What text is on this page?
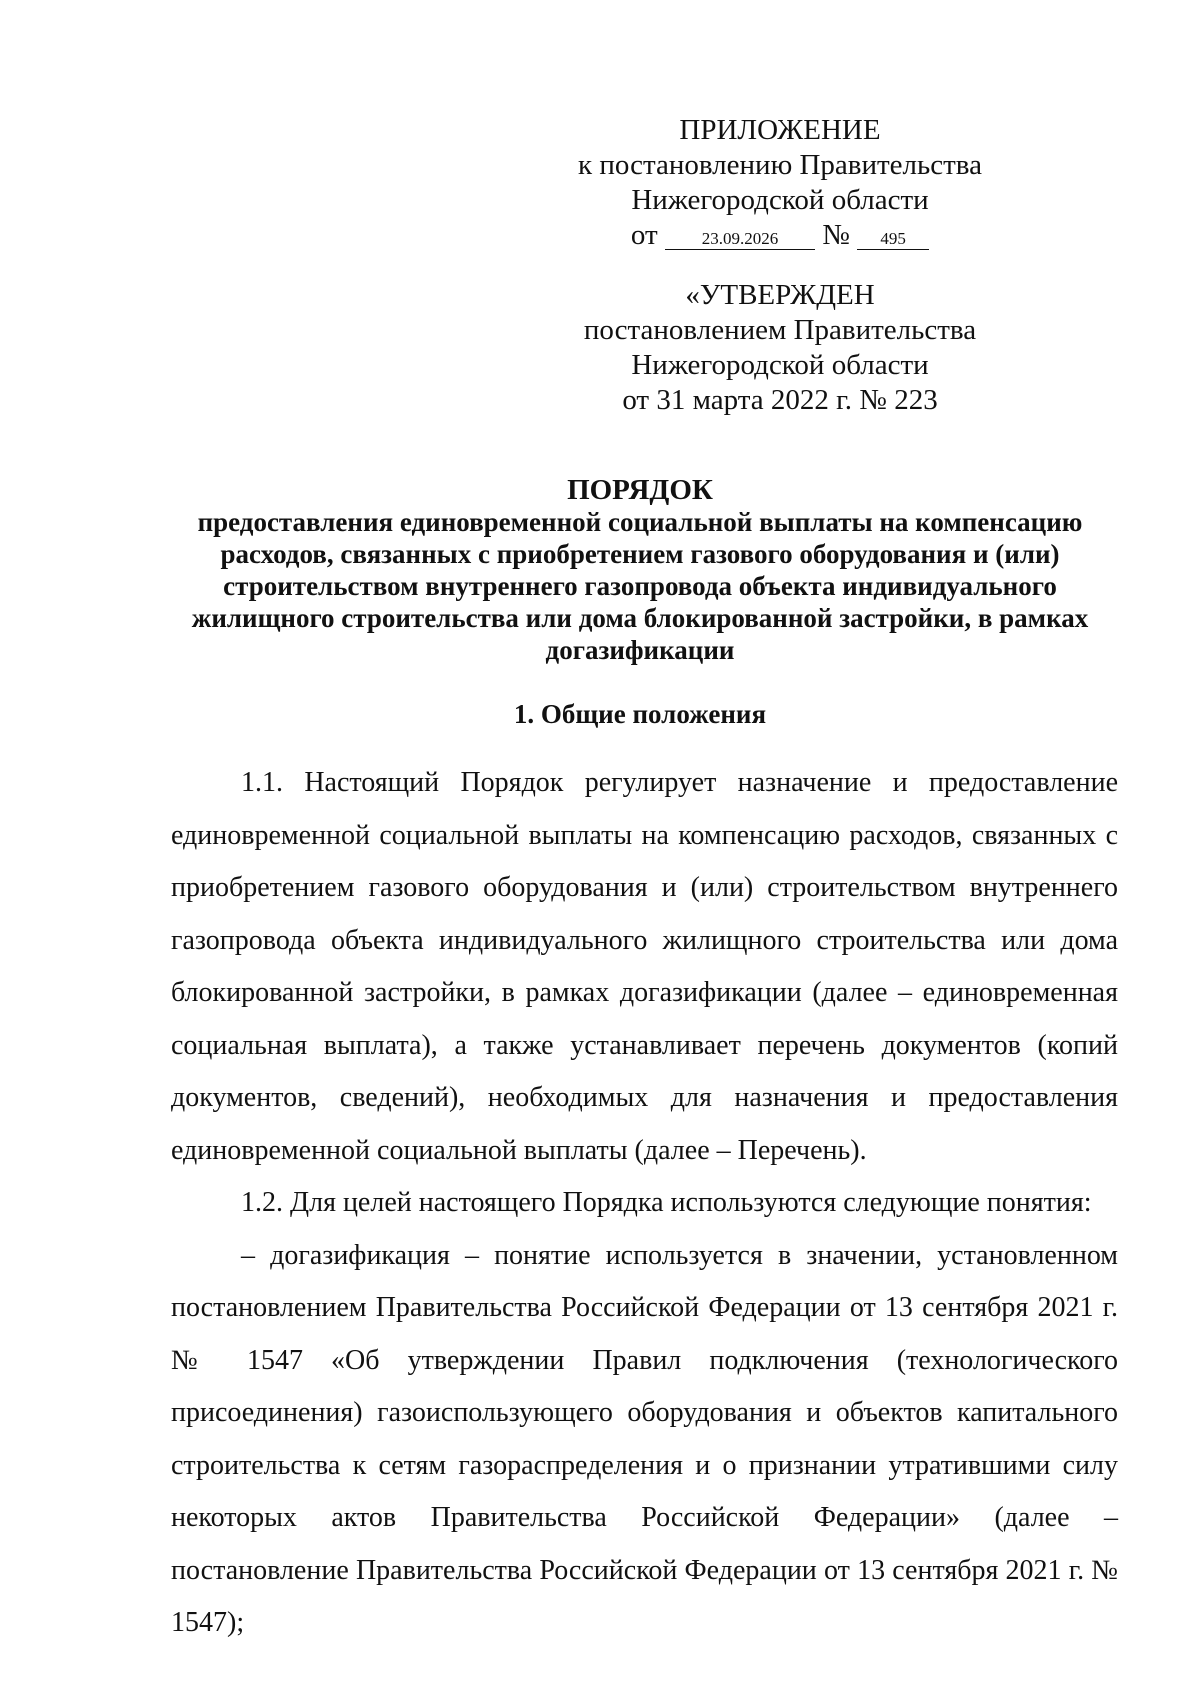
ПРИЛОЖЕНИЕ
к постановлению Правительства
Нижегородской области
от	23.09.2026 № 495
«УТВЕРЖДЕН
постановлением Правительства
Нижегородской области
от 31 марта 2022 г. № 223
ПОРЯДОК
предоставления единовременной социальной выплаты на компенсацию
расходов, связанных с приобретением газового оборудования и (или)
строительством внутреннего газопровода объекта индивидуального
жилищного строительства или дома блокированной застройки, в рамках
догазификации
1. Общие положения

1.1. Настоящий Порядок регулирует назначение и предоставление единовременной социальной выплаты на компенсацию расходов, связанных с приобретением газового оборудования и (или) строительством внутреннего газопровода объекта индивидуального жилищного строительства или дома блокированной застройки, в рамках догазификации (далее – единовременная социальная выплата), а также устанавливает перечень документов (копий документов, сведений), необходимых для назначения и предоставления единовременной социальной выплаты (далее – Перечень).

1.2. Для целей настоящего Порядка используются следующие понятия:

– догазификация – понятие используется в значении, установленном постановлением Правительства Российской Федерации от 13 сентября 2021 г. № 1547 «Об утверждении Правил подключения (технологического присоединения) газоиспользующего оборудования и объектов капитального строительства к сетям газораспределения и о признании утратившими силу некоторых актов Правительства Российской Федерации» (далее – постановление Правительства Российской Федерации от 13 сентября 2021 г. № 1547);
